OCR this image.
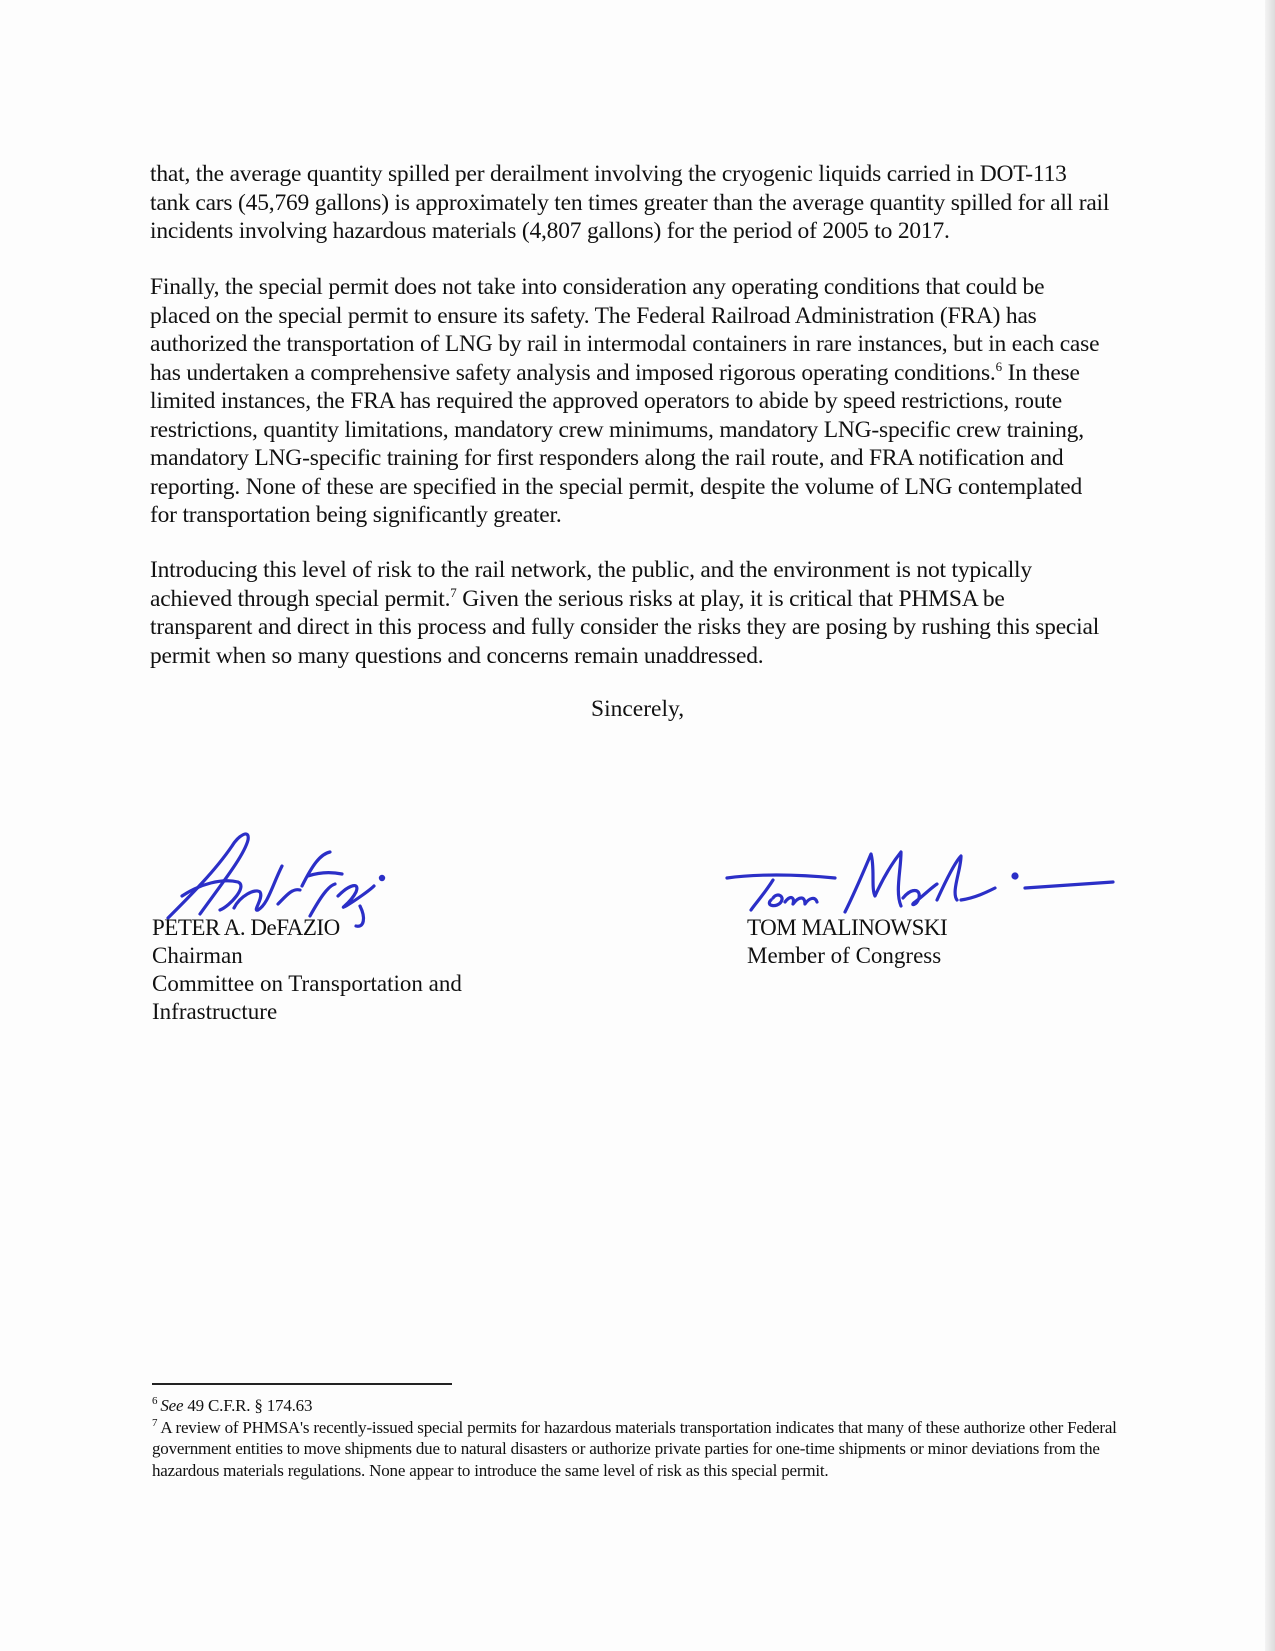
that, the average quantity spilled per derailment involving the cryogenic liquids carried in DOT-113 tank cars (45,769 gallons) is approximately ten times greater than the average quantity spilled for all rail incidents involving hazardous materials (4,807 gallons) for the period of 2005 to 2017.

Finally, the special permit does not take into consideration any operating conditions that could be placed on the special permit to ensure its safety. The Federal Railroad Administration (FRA) has authorized the transportation of LNG by rail in intermodal containers in rare instances, but in each case has undertaken a comprehensive safety analysis and imposed rigorous operating conditions.$^6$ In these limited instances, the FRA has required the approved operators to abide by speed restrictions, route restrictions, quantity limitations, mandatory crew minimums, mandatory LNG-specific crew training, mandatory LNG-specific training for first responders along the rail route, and FRA notification and reporting. None of these are specified in the special permit, despite the volume of LNG contemplated for transportation being significantly greater.

Introducing this level of risk to the rail network, the public, and the environment is not typically achieved through special permit.$^7$ Given the serious risks at play, it is critical that PHMSA be transparent and direct in this process and fully consider the risks they are posing by rushing this special permit when so many questions and concerns remain unaddressed.

Sincerely,

PETER A. DeFAZIO
Chairman
Committee on Transportation and
Infrastructure
TOM MALINOWSKI
Member of Congress

$^6$ See 49 C.F.R. § 174.63

$^7$ A review of PHMSA's recently-issued special permits for hazardous materials transportation indicates that many of these authorize other Federal government entities to move shipments due to natural disasters or authorize private parties for one-time shipments or minor deviations from the hazardous materials regulations. None appear to introduce the same level of risk as this special permit.
